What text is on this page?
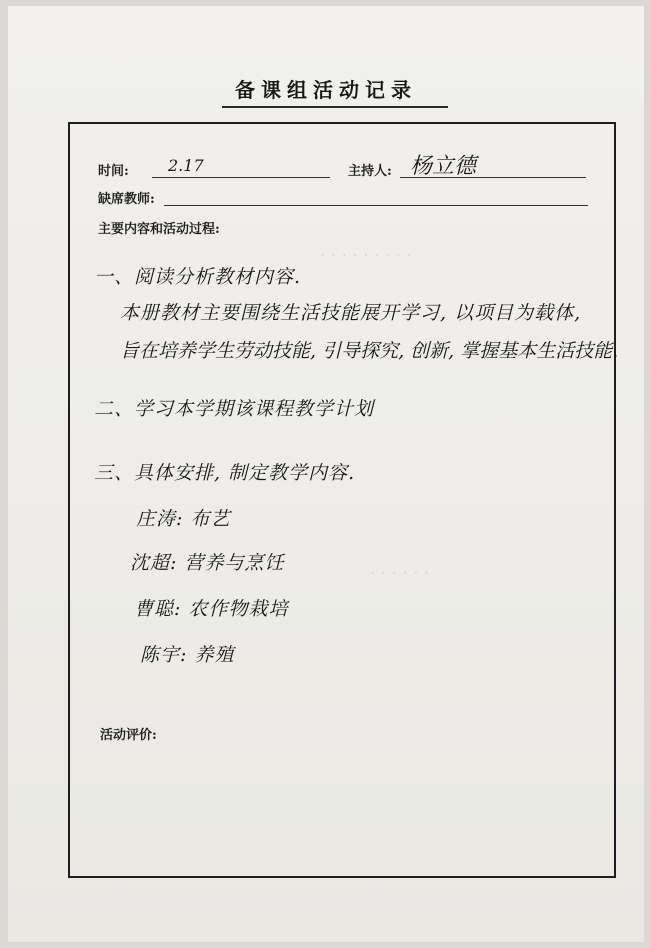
备课组活动记录
时间: 2.17	主持人: 杨立德
缺席教师:
主要内容和活动过程:
· · · · · · · · ·
· · · · · ·
一、阅读分析教材内容.
本册教材主要围绕生活技能展开学习, 以项目为载体,
旨在培养学生劳动技能, 引导探究, 创新, 掌握基本生活技能.
二、学习本学期该课程教学计划
三、具体安排, 制定教学内容.
庄涛: 布艺
沈超: 营养与烹饪
曹聪: 农作物栽培
陈宇: 养殖
活动评价:
